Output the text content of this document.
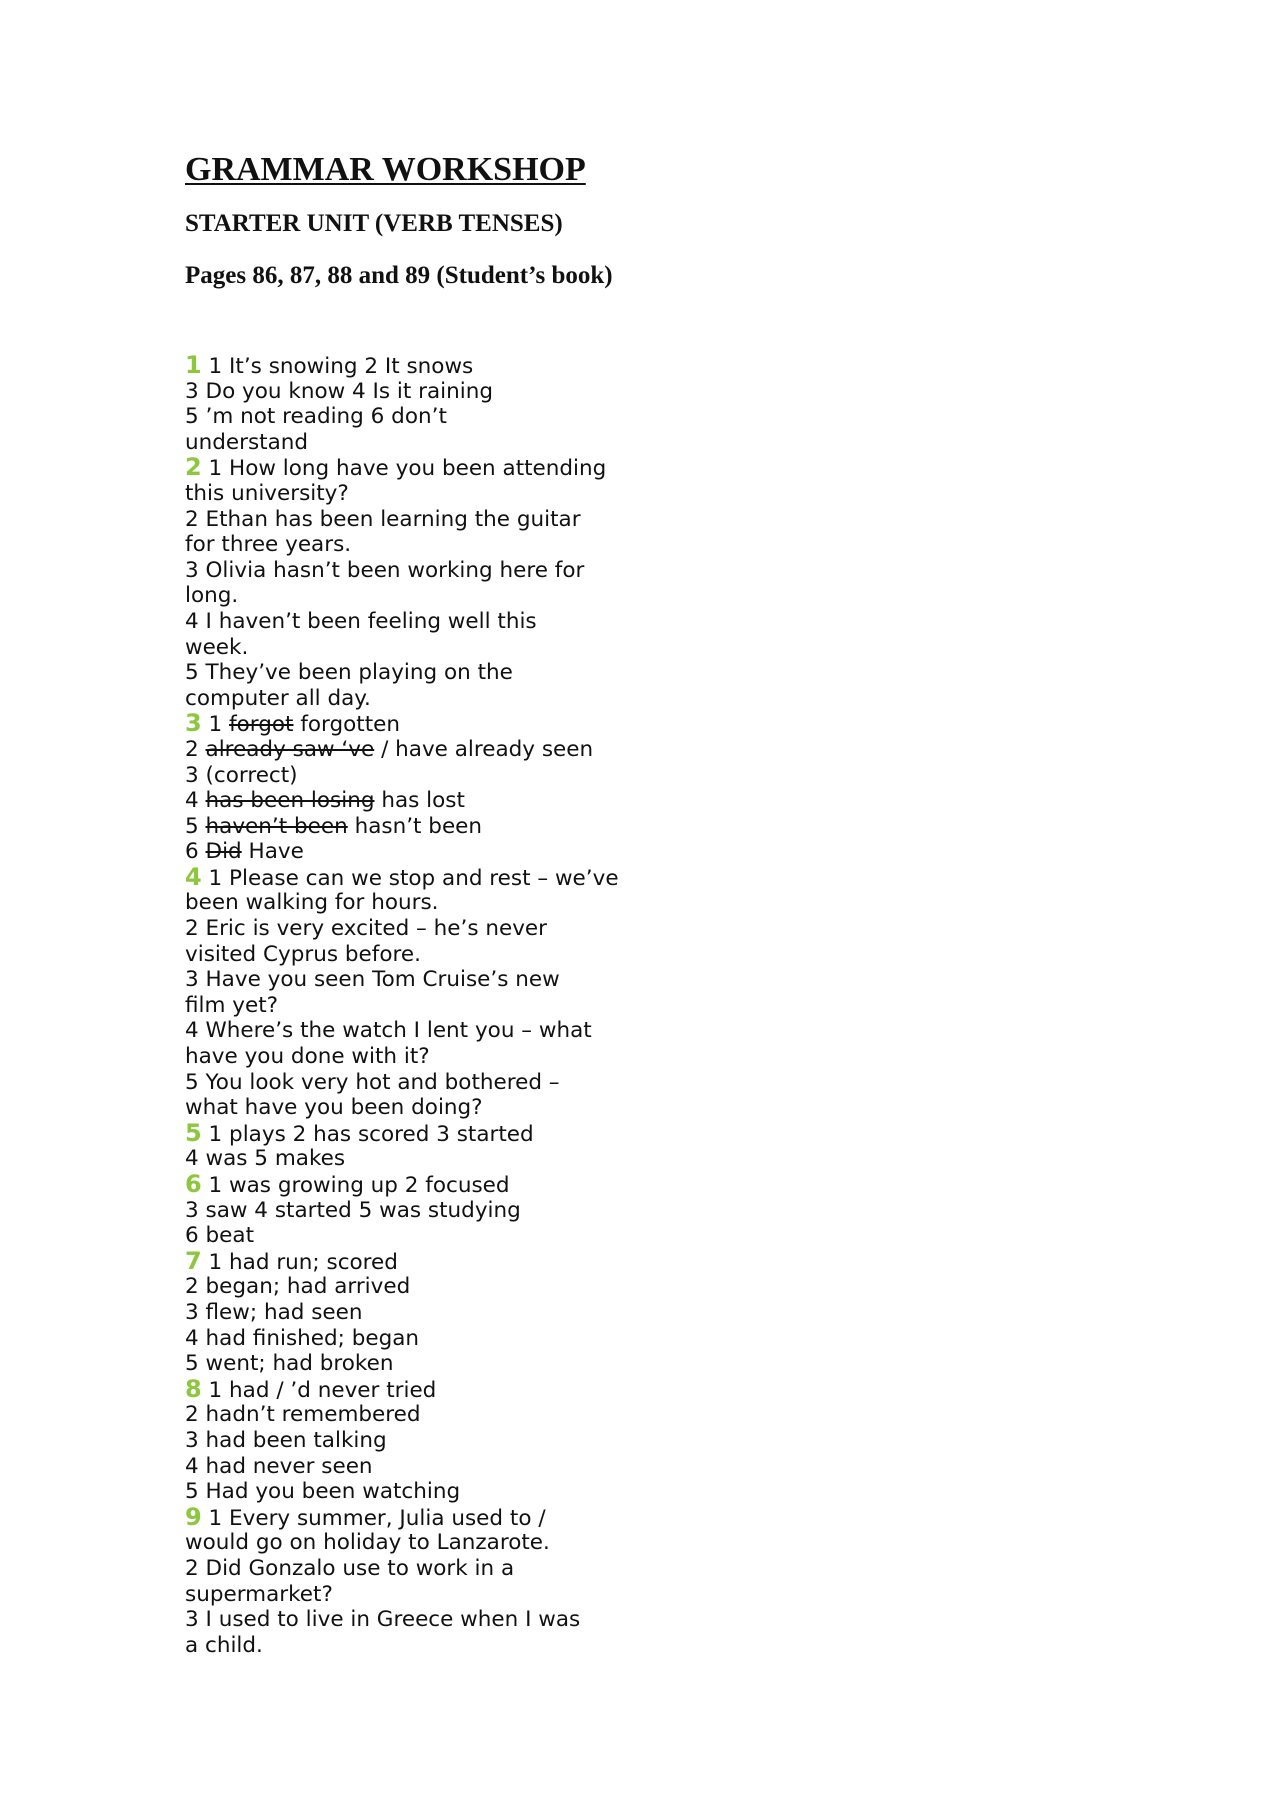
GRAMMAR WORKSHOP
STARTER UNIT (VERB TENSES)
Pages 86, 87, 88 and 89 (Student’s book)
1 1 It’s snowing 2 It snows
3 Do you know 4 Is it raining
5 ’m not reading 6 don’t
understand
2 1 How long have you been attending
this university?
2 Ethan has been learning the guitar
for three years.
3 Olivia hasn’t been working here for
long.
4 I haven’t been feeling well this
week.
5 They’ve been playing on the
computer all day.
3 1 forgot forgotten
2 already saw ‘ve / have already seen
3 (correct)
4 has been losing has lost
5 haven’t been hasn’t been
6 Did Have
4 1 Please can we stop and rest – we’ve
been walking for hours.
2 Eric is very excited – he’s never
visited Cyprus before.
3 Have you seen Tom Cruise’s new
film yet?
4 Where’s the watch I lent you – what
have you done with it?
5 You look very hot and bothered –
what have you been doing?
5 1 plays 2 has scored 3 started
4 was 5 makes
6 1 was growing up 2 focused
3 saw 4 started 5 was studying
6 beat
7 1 had run; scored
2 began; had arrived
3 flew; had seen
4 had finished; began
5 went; had broken
8 1 had / ’d never tried
2 hadn’t remembered
3 had been talking
4 had never seen
5 Had you been watching
9 1 Every summer, Julia used to /
would go on holiday to Lanzarote.
2 Did Gonzalo use to work in a
supermarket?
3 I used to live in Greece when I was
a child.
